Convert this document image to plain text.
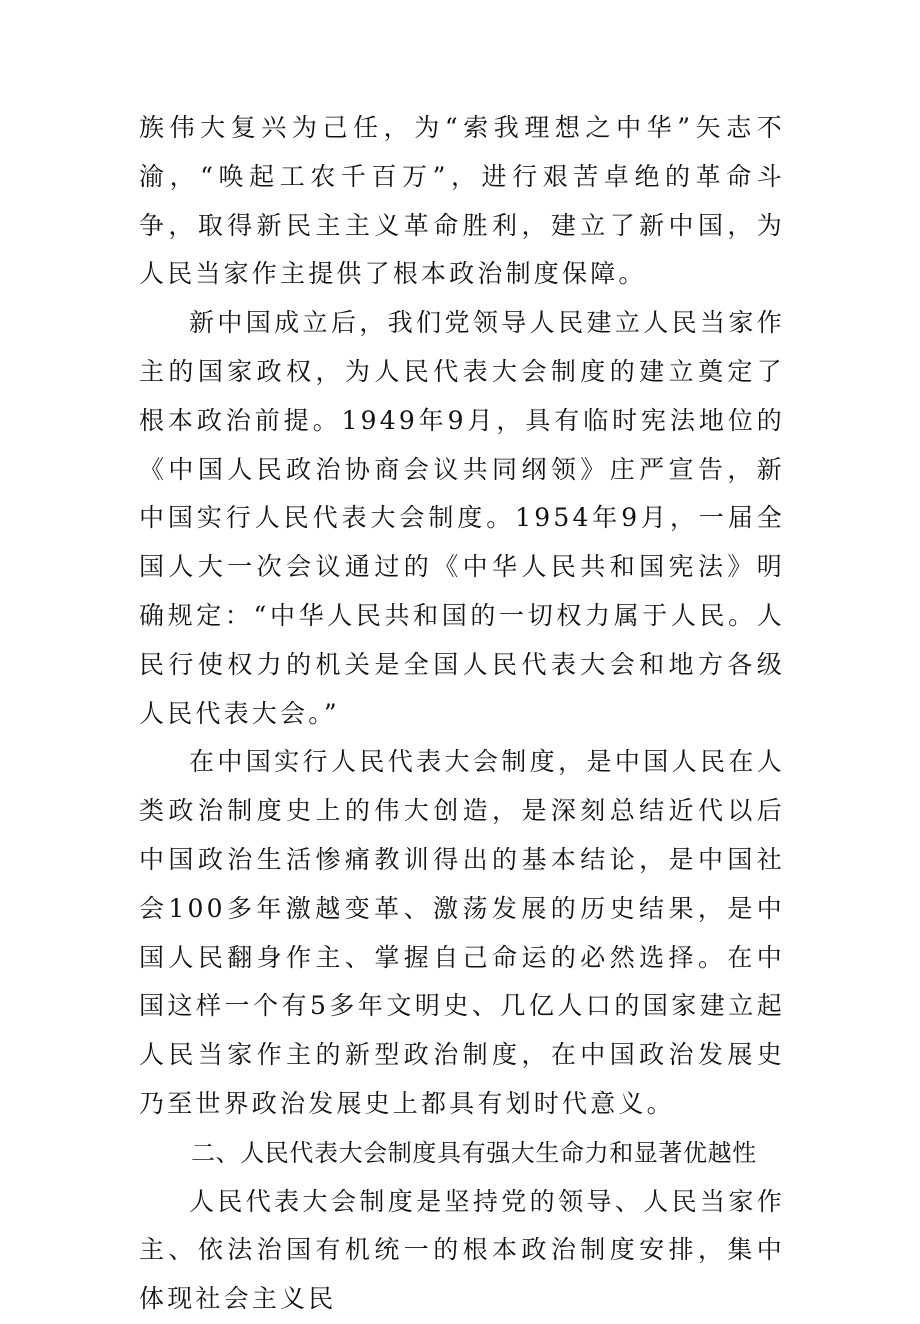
族伟大复兴为己任，为“索我理想之中华”矢志不渝，“唤起工农千百万”，进行艰苦卓绝的革命斗争，取得新民主主义革命胜利，建立了新中国，为人民当家作主提供了根本政治制度保障。

新中国成立后，我们党领导人民建立人民当家作主的国家政权，为人民代表大会制度的建立奠定了根本政治前提。1949年9月，具有临时宪法地位的《中国人民政治协商会议共同纲领》庄严宣告，新中国实行人民代表大会制度。1954年9月，一届全国人大一次会议通过的《中华人民共和国宪法》明确规定：“中华人民共和国的一切权力属于人民。人民行使权力的机关是全国人民代表大会和地方各级人民代表大会。”

在中国实行人民代表大会制度，是中国人民在人类政治制度史上的伟大创造，是深刻总结近代以后中国政治生活惨痛教训得出的基本结论，是中国社会100多年激越变革、激荡发展的历史结果，是中国人民翻身作主、掌握自己命运的必然选择。在中国这样一个有5多年文明史、几亿人口的国家建立起人民当家作主的新型政治制度，在中国政治发展史乃至世界政治发展史上都具有划时代意义。

二、人民代表大会制度具有强大生命力和显著优越性

人民代表大会制度是坚持党的领导、人民当家作主、依法治国有机统一的根本政治制度安排，集中体现社会主义民
